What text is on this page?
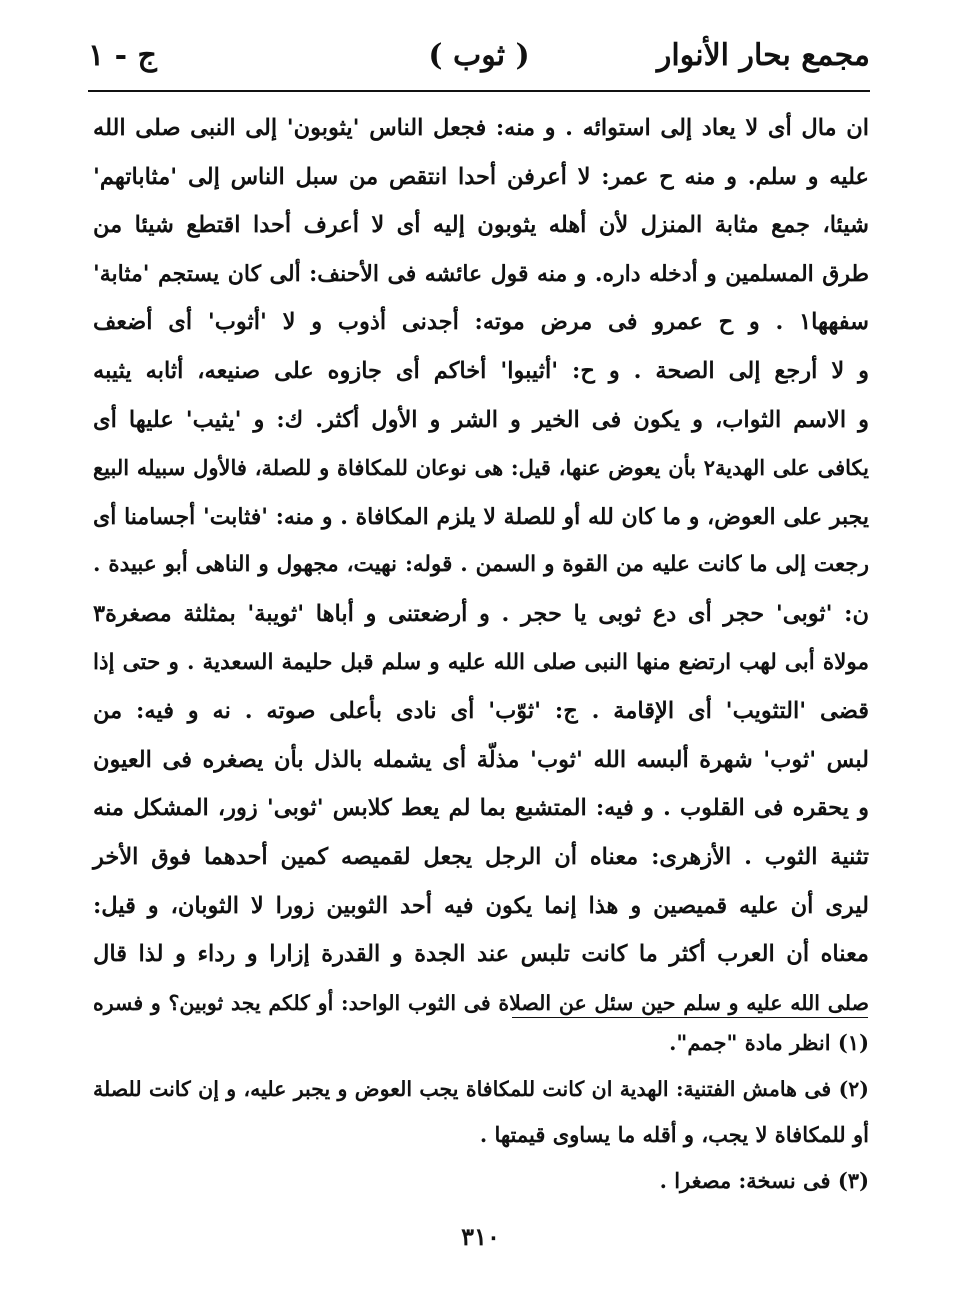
مجمع بحار الأنوار
( ثوب )
ج - ١
ان مال أى لا يعاد إلى استوائه . و منه: فجعل الناس 'يثوبون' إلى النبى صلى الله
عليه و سلم. و منه ح عمر: لا أعرفن أحدا انتقص من سبل الناس إلى 'مثاباتهم'
شيئا، جمع مثابة المنزل لأن أهله يثوبون إليه أى لا أعرف أحدا اقتطع شيئا من
طرق المسلمين و أدخله داره. و منه قول عائشه فى الأحنف: ألى كان يستجم 'مثابة'
سفهها١ . و ح عمرو فى مرض موته: أجدنى أذوب و لا 'أثوب' أى أضعف
و لا أرجع إلى الصحة . و ح: 'أثيبوا' أخاكم أى جازوه على صنيعه، أثابه يثيبه
و الاسم الثواب، و يكون فى الخير و الشر و الأول أكثر. ك: و 'يثيب' عليها أى
يكافى على الهدية٢ بأن يعوض عنها، قيل: هى نوعان للمكافاة و للصلة، فالأول سبيله البيع
يجبر على العوض، و ما كان لله أو للصلة لا يلزم المكافاة . و منه: 'فثابت' أجسامنا أى
رجعت إلى ما كانت عليه من القوة و السمن . قوله: نهيت، مجهول و الناهى أبو عبيدة .
ن: 'ثوبى' حجر أى دع ثوبى يا حجر . و أرضعتنى و أباها 'ثويبة' بمثلثة مصغرة٣
مولاة أبى لهب ارتضع منها النبى صلى الله عليه و سلم قبل حليمة السعدية . و حتى إذا
قضى 'التثويب' أى الإقامة . ج: 'ثوّب' أى نادى بأعلى صوته . نه و فيه: من
لبس 'ثوب' شهرة ألبسه الله 'ثوب' مذلّة أى يشمله بالذل بأن يصغره فى العيون
و يحقره فى القلوب . و فيه: المتشبع بما لم يعط كلابس 'ثوبى' زور، المشكل منه
تثنية الثوب . الأزهرى: معناه أن الرجل يجعل لقميصه كمين أحدهما فوق الأخر
ليرى أن عليه قميصين و هذا إنما يكون فيه أحد الثوبين زورا لا الثوبان، و قيل:
معناه أن العرب أكثر ما كانت تلبس عند الجدة و القدرة إزارا و رداء و لذا قال
صلى الله عليه و سلم حين سئل عن الصلاة فى الثوب الواحد: أو كلكم يجد ثوبين؟ و فسره
(١) انظر مادة "جمم".
(٢) فى هامش الفتنية: الهدية ان كانت للمكافاة يجب العوض و يجبر عليه، و إن كانت للصلة
أو للمكافاة لا يجب، و أقله ما يساوى قيمتها .
(٣) فى نسخة: مصغرا .
٣١٠
